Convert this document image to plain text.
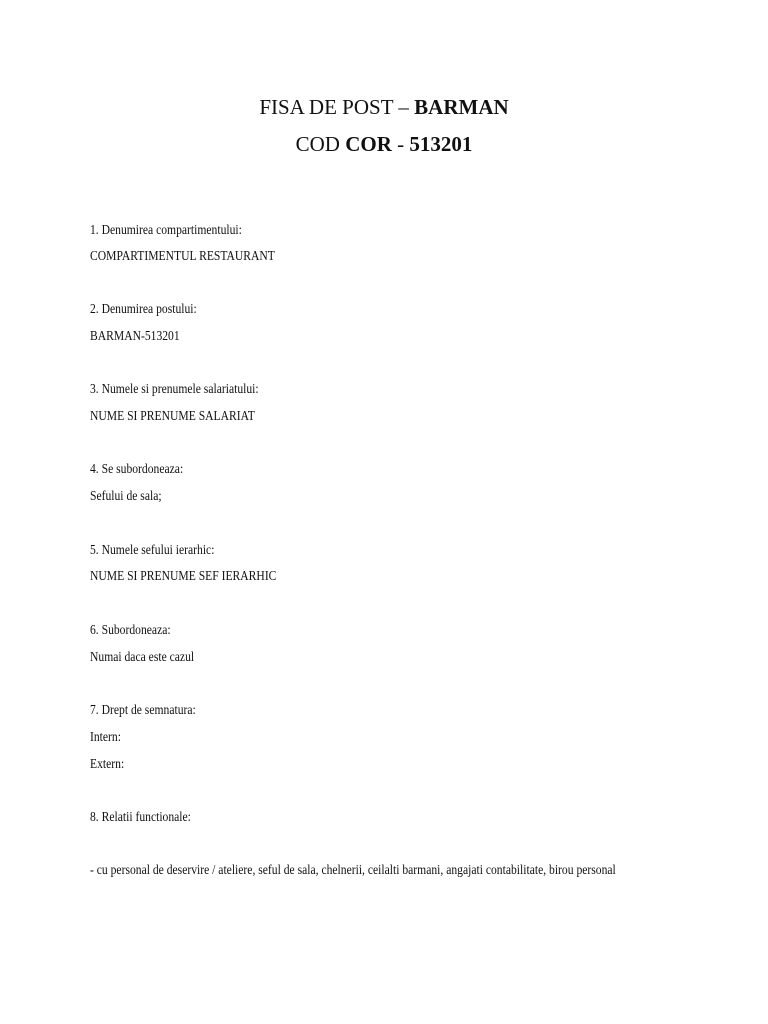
FISA DE POST – BARMAN
COD COR - 513201
1. Denumirea compartimentului:
COMPARTIMENTUL RESTAURANT
2. Denumirea postului:
BARMAN-513201
3. Numele si prenumele salariatului:
NUME SI PRENUME SALARIAT
4. Se subordoneaza:
Sefului de sala;
5. Numele sefului ierarhic:
NUME SI PRENUME SEF IERARHIC
6. Subordoneaza:
Numai daca este cazul
7. Drept de semnatura:
Intern:
Extern:
8. Relatii functionale:
- cu personal de deservire / ateliere, seful de sala, chelnerii, ceilalti barmani, angajati contabilitate, birou personal
